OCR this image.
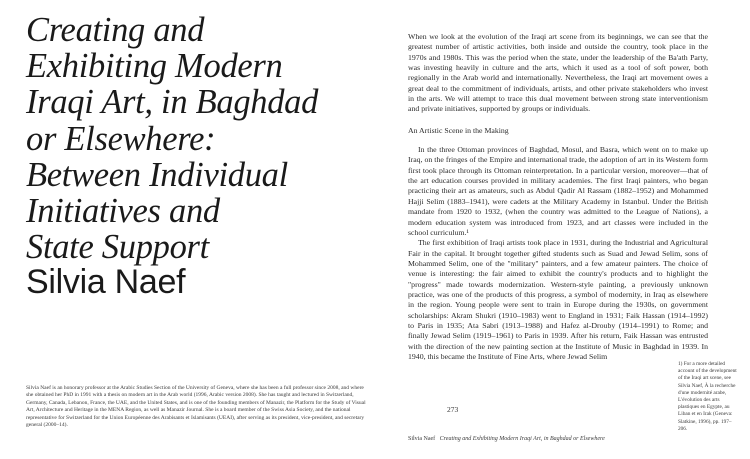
Creating and
Exhibiting Modern
Iraqi Art, in Baghdad
or Elsewhere:
Between Individual
Initiatives and
State Support

Silvia Naef

Silvia Naef is an honorary professor at the Arabic Studies Section of the University of Geneva, where she has been a full professor since 2008, and where she obtained her PhD in 1991 with a thesis on modern art in the Arab world (1996, Arabic version 2008). She has taught and lectured in Switzerland, Germany, Canada, Lebanon, France, the UAE, and the United States, and is one of the founding members of Manazir, the Platform for the Study of Visual Art, Architecture and Heritage in the MENA Region, as well as Manazir Journal. She is a board member of the Swiss Asia Society, and the national representative for Switzerland for the Union Européenne des Arabisants et Islamisants (UEAI), after serving as its president, vice-president, and secretary general (2000–14).

When we look at the evolution of the Iraqi art scene from its beginnings, we can see that the greatest number of artistic activities, both inside and outside the country, took place in the 1970s and 1980s. This was the period when the state, under the leadership of the Ba'ath Party, was investing heavily in culture and the arts, which it used as a tool of soft power, both regionally in the Arab world and internationally. Nevertheless, the Iraqi art movement owes a great deal to the commitment of individuals, artists, and other private stakeholders who invest in the arts. We will attempt to trace this dual movement between strong state interventionism and private initiatives, supported by groups or individuals.

An Artistic Scene in the Making

In the three Ottoman provinces of Baghdad, Mosul, and Basra, which went on to make up Iraq, on the fringes of the Empire and international trade, the adoption of art in its Western form first took place through its Ottoman reinterpretation. In a particular version, moreover—that of the art education courses provided in military academies. The first Iraqi painters, who began practicing their art as amateurs, such as Abdul Qadir Al Rassam (1882–1952) and Mohammed Hajji Selim (1883–1941), were cadets at the Military Academy in Istanbul. Under the British mandate from 1920 to 1932, (when the country was admitted to the League of Nations), a modern education system was introduced from 1923, and art classes were included in the school curriculum.¹

The first exhibition of Iraqi artists took place in 1931, during the Industrial and Agricultural Fair in the capital. It brought together gifted students such as Suad and Jewad Selim, sons of Mohammed Selim, one of the "military" painters, and a few amateur painters. The choice of venue is interesting: the fair aimed to exhibit the country's products and to highlight the "progress" made towards modernization. Western-style painting, a previously unknown practice, was one of the products of this progress, a symbol of modernity, in Iraq as elsewhere in the region. Young people were sent to train in Europe during the 1930s, on government scholarships: Akram Shukri (1910–1983) went to England in 1931; Faik Hassan (1914–1992) to Paris in 1935; Ata Sabri (1913–1988) and Hafez al-Drouby (1914–1991) to Rome; and finally Jewad Selim (1919–1961) to Paris in 1939. After his return, Faik Hassan was entrusted with the direction of the new painting section at the Institute of Music in Baghdad in 1939. In 1940, this became the Institute of Fine Arts, where Jewad Selim

1) For a more detailed account of the development of the Iraqi art scene, see Silvia Naef, À la recherche d'une modernité arabe, L'évolution des arts plastiques en Egypte, au Liban et en Irak (Geneva: Slatkine, 1996), pp. 197–206.

273

Silvia Naef Creating and Exhibiting Modern Iraqi Art, in Baghdad or Elsewhere
